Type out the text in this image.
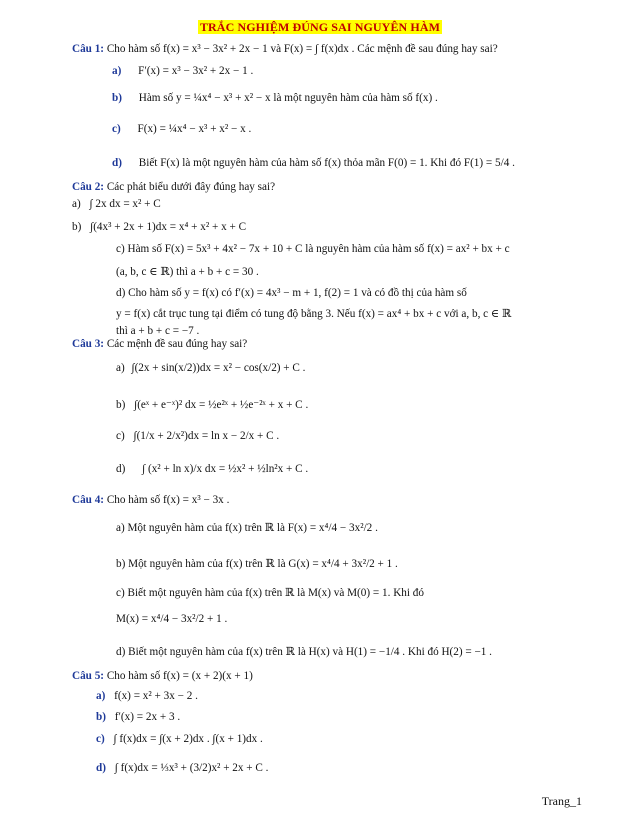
TRẮC NGHIỆM ĐÚNG SAI NGUYÊN HÀM
Câu 1: Cho hàm số f(x) = x³ − 3x² + 2x − 1 và F(x) = ∫ f(x)dx . Các mệnh đề sau đúng hay sai?
a) F′(x) = x³ − 3x² + 2x − 1 .
b) Hàm số y = ¼x⁴ − x³ + x² − x là một nguyên hàm của hàm số f(x) .
c) F(x) = ¼x⁴ − x³ + x² − x .
d) Biết F(x) là một nguyên hàm của hàm số f(x) thỏa mãn F(0) = 1. Khi đó F(1) = 5/4 .
Câu 2: Các phát biểu dưới đây đúng hay sai?
a) ∫ 2x dx = x² + C
b) ∫(4x³ + 2x + 1)dx = x⁴ + x² + x + C
c) Hàm số F(x) = 5x³ + 4x² − 7x + 10 + C là nguyên hàm của hàm số f(x) = ax² + bx + c
(a, b, c ∈ ℝ) thì a + b + c = 30 .
d) Cho hàm số y = f(x) có f′(x) = 4x³ − m + 1, f(2) = 1 và có đồ thị của hàm số
y = f(x) cắt trục tung tại điểm có tung độ bằng 3. Nếu f(x) = ax⁴ + bx + c với a, b, c ∈ ℝ
thì a + b + c = −7 .
Câu 3: Các mệnh đề sau đúng hay sai?
a) ∫(2x + sin(x/2))dx = x² − cos(x/2) + C .
b) ∫(eˣ + e⁻ˣ)² dx = ½e²ˣ + ½e⁻²ˣ + x + C .
c) ∫(1/x + 2/x²)dx = ln x − 2/x + C .
d) ∫ (x² + ln x)/x dx = ½x² + ½ln²x + C .
Câu 4: Cho hàm số f(x) = x³ − 3x .
a) Một nguyên hàm của f(x) trên ℝ là F(x) = x⁴/4 − 3x²/2 .
b) Một nguyên hàm của f(x) trên ℝ là G(x) = x⁴/4 + 3x²/2 + 1 .
c) Biết một nguyên hàm của f(x) trên ℝ là M(x) và M(0) = 1. Khi đó
M(x) = x⁴/4 − 3x²/2 + 1 .
d) Biết một nguyên hàm của f(x) trên ℝ là H(x) và H(1) = −1/4 . Khi đó H(2) = −1 .
Câu 5: Cho hàm số f(x) = (x + 2)(x + 1)
a) f(x) = x² + 3x − 2 .
b) f′(x) = 2x + 3 .
c) ∫ f(x)dx = ∫(x + 2)dx . ∫(x + 1)dx .
d) ∫ f(x)dx = ⅓x³ + (3/2)x² + 2x + C .
Trang_1
